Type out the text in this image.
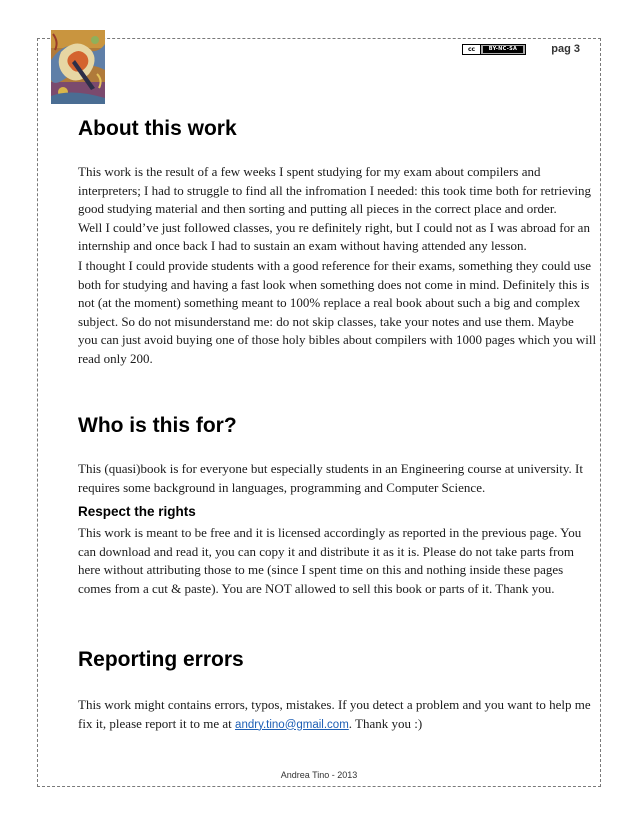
cc	BY-NC-SA	pag 3
About this work
This work is the result of a few weeks I spent studying for my exam about compilers and
interpreters; I had to struggle to find all the infromation I needed: this took time both for retrieving
good studying material and then sorting and putting all pieces in the correct place and order.
Well I could’ve just followed classes, you re definitely right, but I could not as I was abroad for an
internship and once back I had to sustain an exam without having attended any lesson.
I thought I could provide students with a good reference for their exams, something they could use
both for studying and having a fast look when something does not come in mind. Definitely this is
not (at the moment) something meant to 100% replace a real book about such a big and complex
subject. So do not misunderstand me: do not skip classes, take your notes and use them. Maybe
you can just avoid buying one of those holy bibles about compilers with 1000 pages which you will
read only 200.
Who is this for?
This (quasi)book is for everyone but especially students in an Engineering course at university. It
requires some background in languages, programming and Computer Science.
Respect the rights
This work is meant to be free and it is licensed accordingly as reported in the previous page. You
can download and read it, you can copy it and distribute it as it is. Please do not take parts from
here without attributing those to me (since I spent time on this and nothing inside these pages
comes from a cut & paste). You are NOT allowed to sell this book or parts of it. Thank you.
Reporting errors
This work might contains errors, typos, mistakes. If you detect a problem and you want to help me
fix it, please report it to me at andry.tino@gmail.com. Thank you :)
Andrea Tino - 2013
